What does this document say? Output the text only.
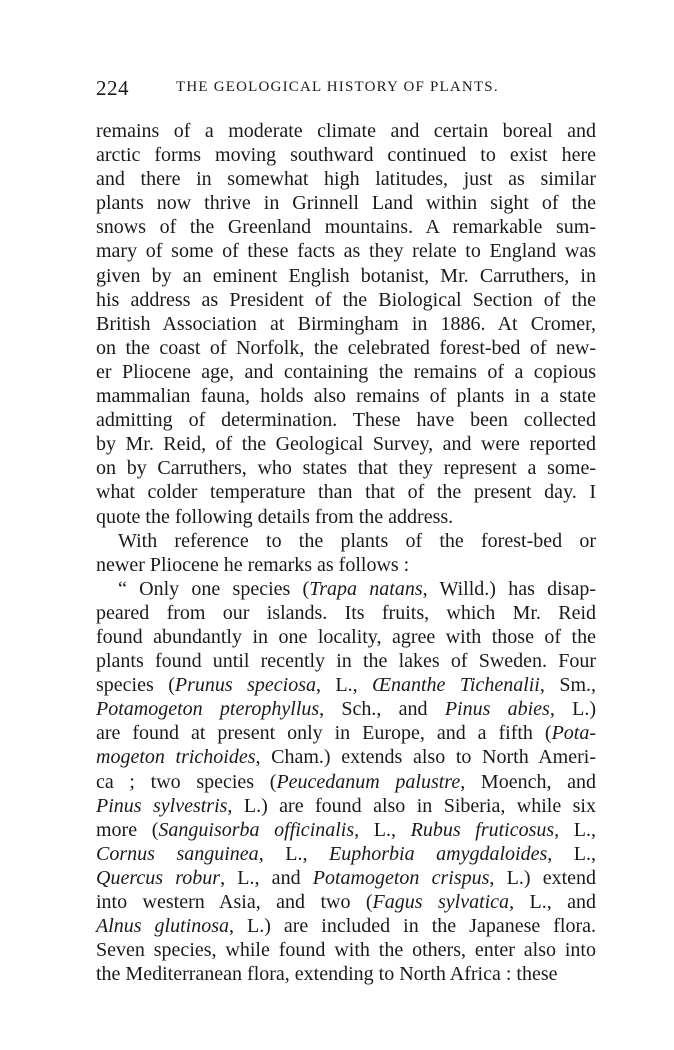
224	THE GEOLOGICAL HISTORY OF PLANTS.
remains of a moderate climate and certain boreal and
arctic forms moving southward continued to exist here
and there in somewhat high latitudes, just as similar
plants now thrive in Grinnell Land within sight of the
snows of the Greenland mountains. A remarkable sum-
mary of some of these facts as they relate to England was
given by an eminent English botanist, Mr. Carruthers, in
his address as President of the Biological Section of the
British Association at Birmingham in 1886. At Cromer,
on the coast of Norfolk, the celebrated forest-bed of new-
er Pliocene age, and containing the remains of a copious
mammalian fauna, holds also remains of plants in a state
admitting of determination. These have been collected
by Mr. Reid, of the Geological Survey, and were reported
on by Carruthers, who states that they represent a some-
what colder temperature than that of the present day. I
quote the following details from the address.
With reference to the plants of the forest-bed or
newer Pliocene he remarks as follows :
“ Only one species (Trapa natans, Willd.) has disap-
peared from our islands. Its fruits, which Mr. Reid
found abundantly in one locality, agree with those of the
plants found until recently in the lakes of Sweden. Four
species (Prunus speciosa, L., Œnanthe Tichenalii, Sm.,
Potamogeton pterophyllus, Sch., and Pinus abies, L.)
are found at present only in Europe, and a fifth (Pota-
mogeton trichoides, Cham.) extends also to North Ameri-
ca ; two species (Peucedanum palustre, Moench, and
Pinus sylvestris, L.) are found also in Siberia, while six
more (Sanguisorba officinalis, L., Rubus fruticosus, L.,
Cornus sanguinea, L., Euphorbia amygdaloides, L.,
Quercus robur, L., and Potamogeton crispus, L.) extend
into western Asia, and two (Fagus sylvatica, L., and
Alnus glutinosa, L.) are included in the Japanese flora.
Seven species, while found with the others, enter also into
the Mediterranean flora, extending to North Africa : these
